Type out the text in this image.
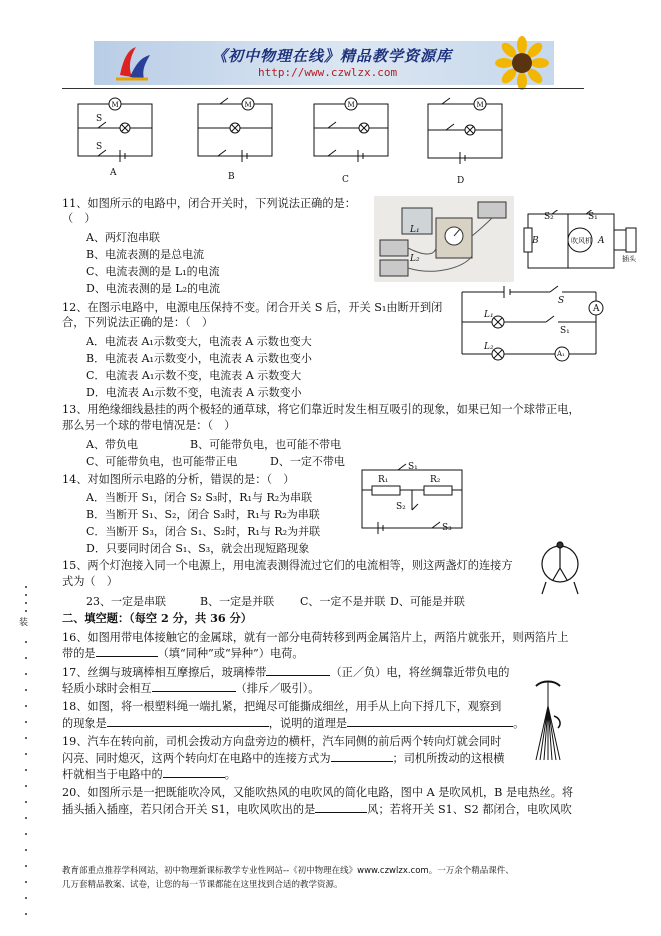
《初中物理在线》精品教学资源库
http://www.czwlzx.com
M
S
S
A
M
B
M
C
M
D
11、如图所示的电路中，闭合开关时，下列说法正确的是：
（　）
A、两灯泡串联
B、电流表测的是总电流
C、电流表测的是 L₁的电流
D、电流表测的是 L₂的电流
L₁
L₂
S₂	S₁
B	吹风机 A
插头
12、在图示电路中，电源电压保持不变。闭合开关 S 后，开关 S₁由断开到闭
合，下列说法正确的是：（　）
A．电流表 A₁示数变大，电流表 A 示数也变大
B．电流表 A₁示数变小，电流表 A 示数也变小
C．电流表 A₁示数不变，电流表 A 示数变大
D．电流表 A₁示数不变，电流表 A 示数变小
S
A
L₁
S₁
L₂
A₁
13、用绝缘细线悬挂的两个极轻的通草球，将它们靠近时发生相互吸引的现象，如果已知一个球带正电，
那么另一个球的带电情况是：（　）
A、带负电	B、可能带负电，也可能不带电
C、可能带负电，也可能带正电	D、一定不带电
14、对如图所示电路的分析，错误的是：（　）
A．当断开 S₁，闭合 S₂ S₃时，R₁与 R₂为串联
B．当断开 S₁、S₂，闭合 S₃时，R₁与 R₂为串联
C．当断开 S₃，闭合 S₁、S₂时，R₁与 R₂为并联
D．只要同时闭合 S₁、S₃，就会出现短路现象
S₁
R₁	R₂
S₂
S₃
15、两个灯泡接入同一个电源上，用电流表测得流过它们的电流相等，则这两盏灯的连接方
式为（　）
23、一定是串联	B、一定是并联 C、一定不是并联 D、可能是并联
二、填空题：（每空 2 分，共 36 分）
16、如图用带电体接触它的金属球，就有一部分电荷转移到两金属箔片上，两箔片就张开，则两箔片上
带的是	（填“同种”或“异种”）电荷。
17、丝绸与玻璃棒相互摩擦后，玻璃棒带	（正／负）电，将丝绸靠近带负电的
轻质小球时会相互	（排斥／吸引）。
18、如图，将一根塑料绳一端扎紧，把绳尽可能撕成细丝，用手从上向下捋几下，观察到
的现象是	，说明的道理是	。
19、汽车在转向前，司机会拨动方向盘旁边的横杆，汽车同侧的前后两个转向灯就会同时
闪亮、同时熄灭，这两个转向灯在电路中的连接方式为	；司机所拨动的这根横
杆就相当于电路中的	。
20、如图所示是一把既能吹冷风，又能吹热风的电吹风的简化电路，图中 A 是吹风机，B 是电热丝。将
插头插入插座，若只闭合开关 S1，电吹风吹出的是	风；若将开关 S1、S2 都闭合，电吹风吹
装
教育部重点推荐学科网站，初中物理新课标教学专业性网站--《初中物理在线》www.czwlzx.com。一万余个精品课件、
几万套精品教案、试卷，让您的每一节课都能在这里找到合适的教学资源。
